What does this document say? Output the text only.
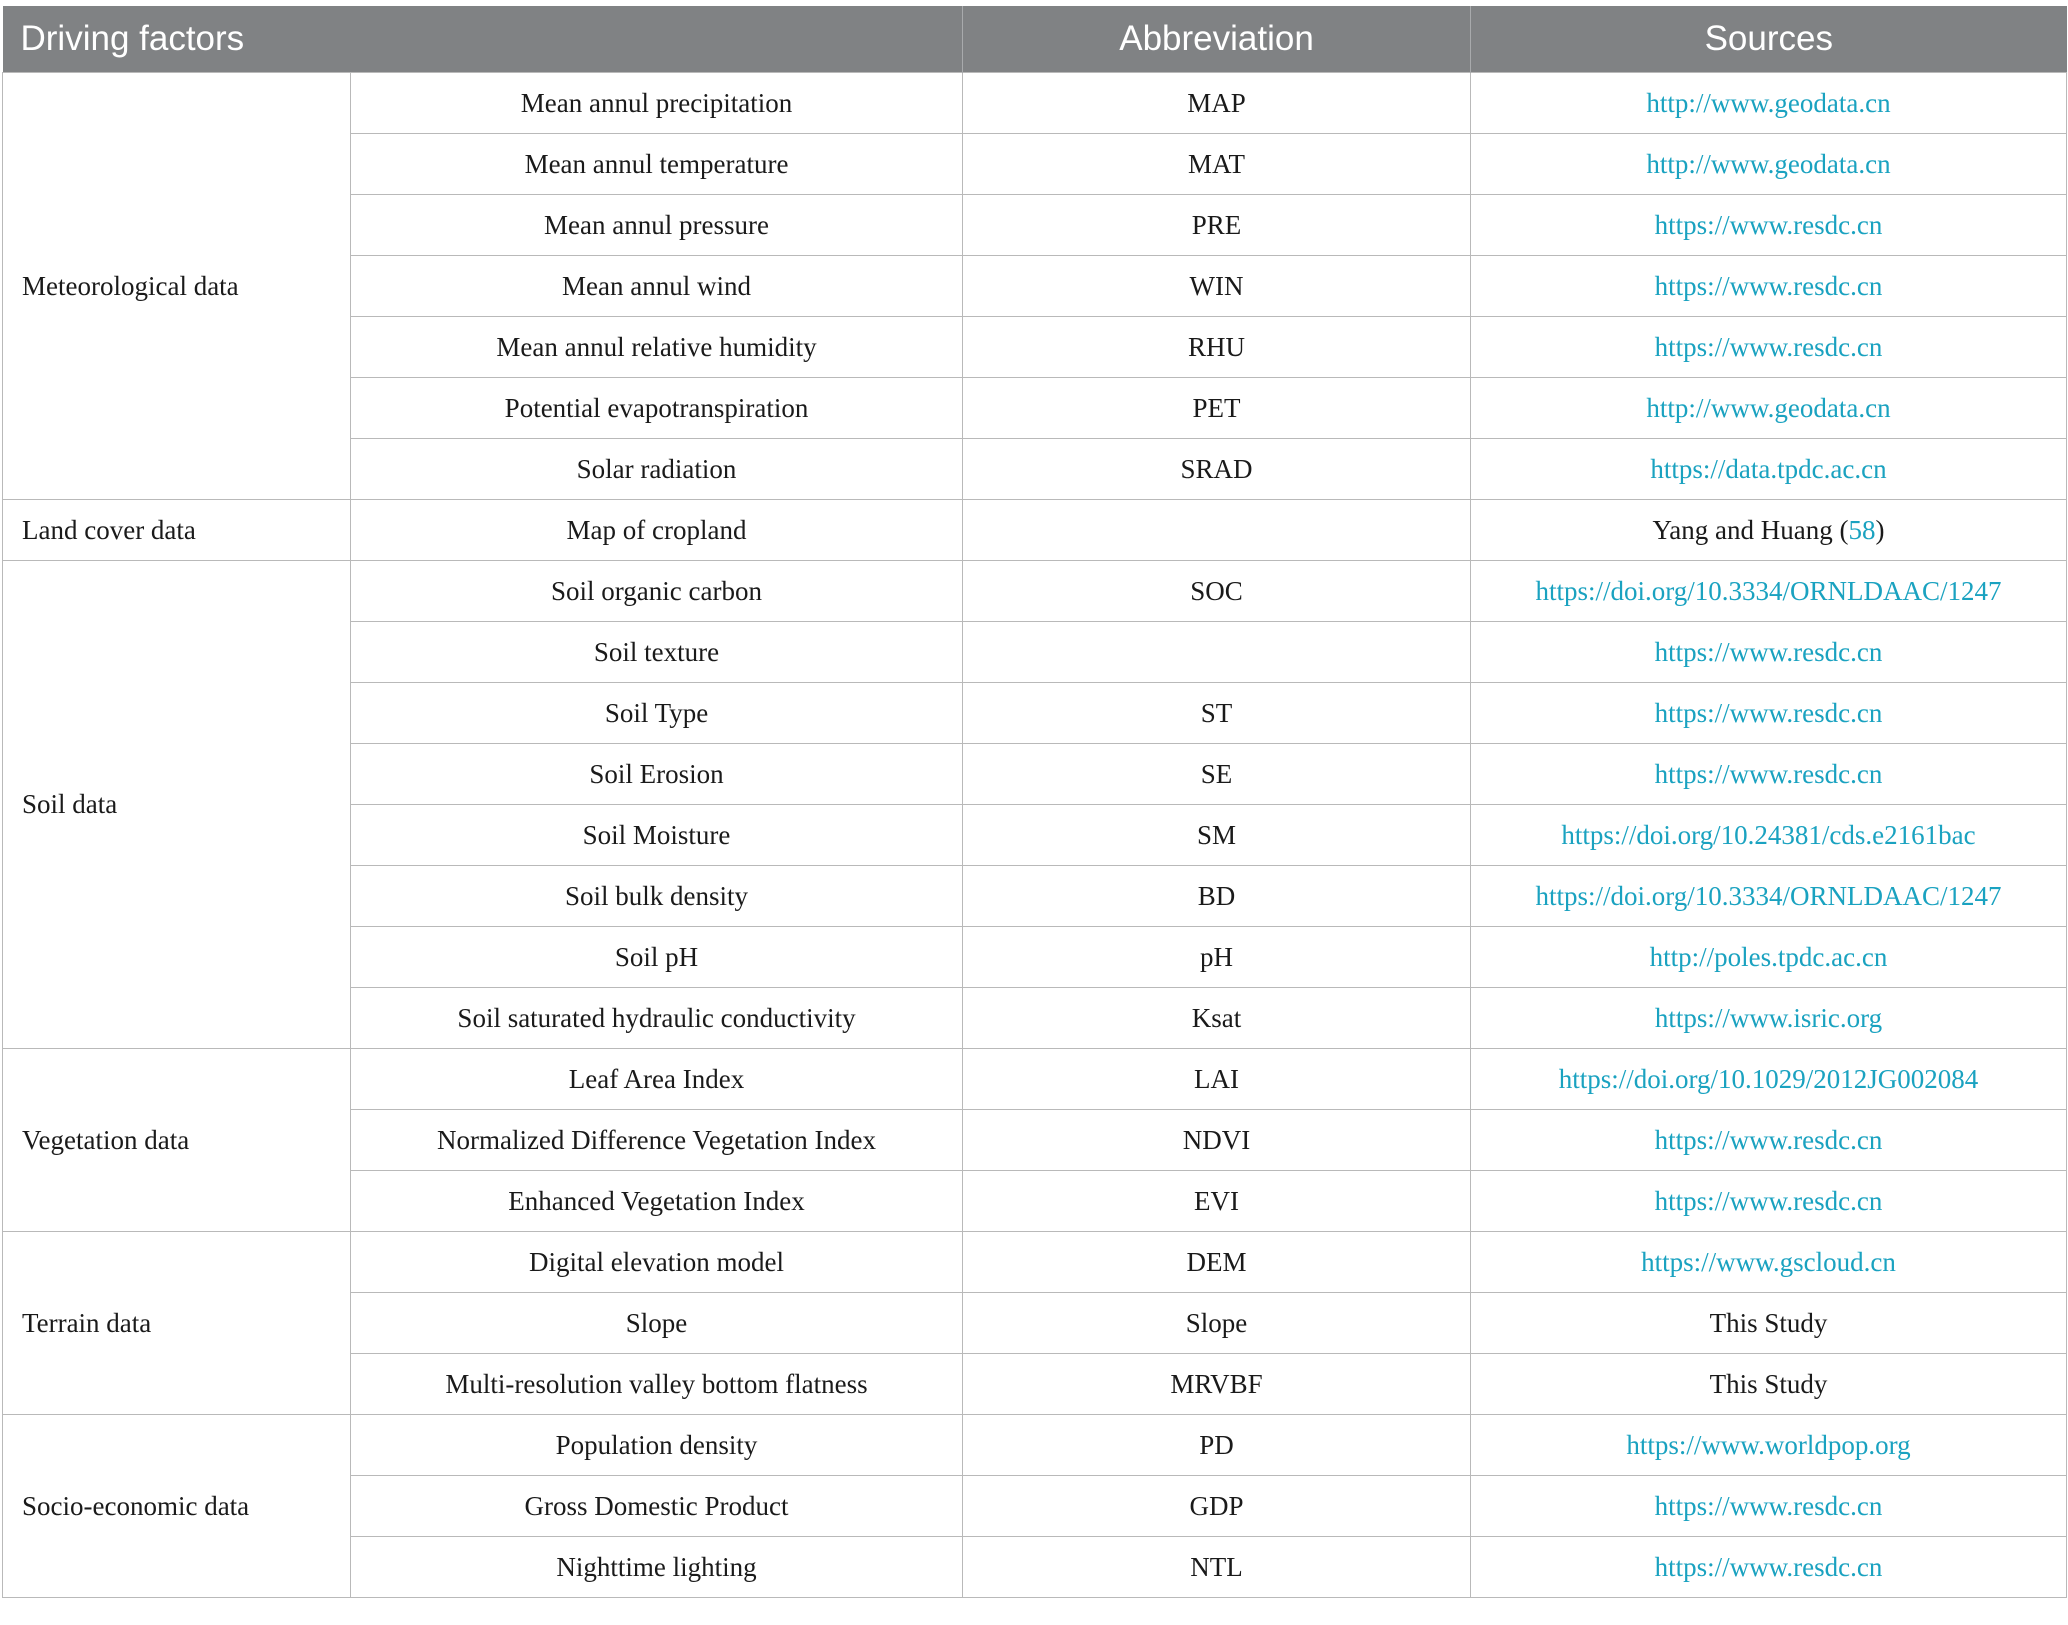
Driving factors		Abbreviation	Sources
Meteorological data	Mean annul precipitation	MAP	http://www.geodata.cn
	Mean annul temperature	MAT	http://www.geodata.cn
	Mean annul pressure	PRE	https://www.resdc.cn
	Mean annul wind	WIN	https://www.resdc.cn
	Mean annul relative humidity	RHU	https://www.resdc.cn
	Potential evapotranspiration	PET	http://www.geodata.cn
	Solar radiation	SRAD	https://data.tpdc.ac.cn
Land cover data	Map of cropland		Yang and Huang (58)
Soil data	Soil organic carbon	SOC	https://doi.org/10.3334/ORNLDAAC/1247
	Soil texture		https://www.resdc.cn
	Soil Type	ST	https://www.resdc.cn
	Soil Erosion	SE	https://www.resdc.cn
	Soil Moisture	SM	https://doi.org/10.24381/cds.e2161bac
	Soil bulk density	BD	https://doi.org/10.3334/ORNLDAAC/1247
	Soil pH	pH	http://poles.tpdc.ac.cn
	Soil saturated hydraulic conductivity	Ksat	https://www.isric.org
Vegetation data	Leaf Area Index	LAI	https://doi.org/10.1029/2012JG002084
	Normalized Difference Vegetation Index	NDVI	https://www.resdc.cn
	Enhanced Vegetation Index	EVI	https://www.resdc.cn
Terrain data	Digital elevation model	DEM	https://www.gscloud.cn
	Slope	Slope	This Study
	Multi-resolution valley bottom flatness	MRVBF	This Study
Socio-economic data	Population density	PD	https://www.worldpop.org
	Gross Domestic Product	GDP	https://www.resdc.cn
	Nighttime lighting	NTL	https://www.resdc.cn
